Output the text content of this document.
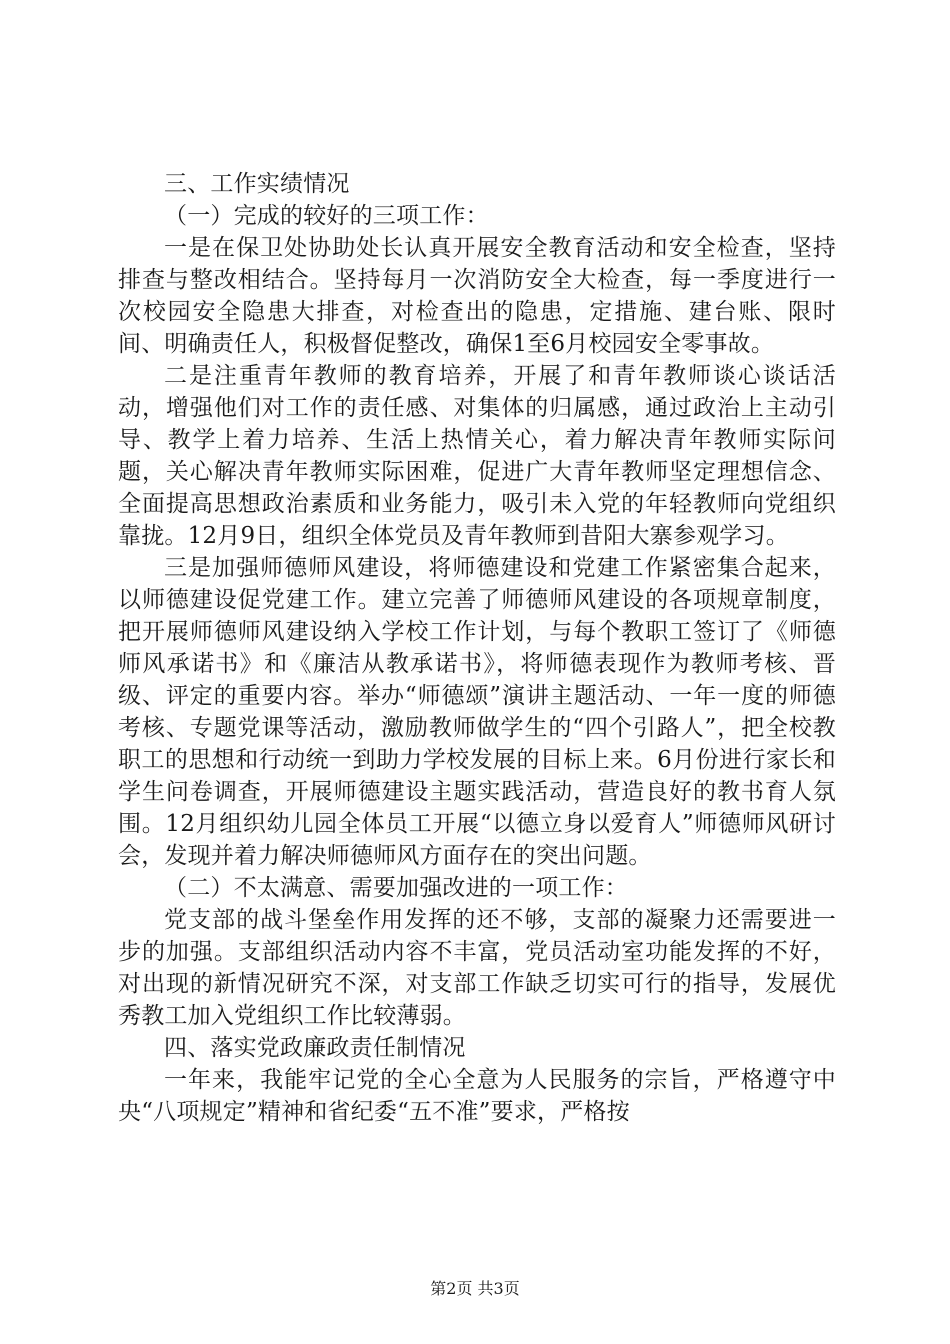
三、工作实绩情况

（一）完成的较好的三项工作：

一是在保卫处协助处长认真开展安全教育活动和安全检查，坚持排查与整改相结合。坚持每月一次消防安全大检查，每一季度进行一次校园安全隐患大排查，对检查出的隐患，定措施、建台账、限时间、明确责任人，积极督促整改，确保1至6月校园安全零事故。

二是注重青年教师的教育培养，开展了和青年教师谈心谈话活动，增强他们对工作的责任感、对集体的归属感，通过政治上主动引导、教学上着力培养、生活上热情关心，着力解决青年教师实际问题，关心解决青年教师实际困难，促进广大青年教师坚定理想信念、全面提高思想政治素质和业务能力，吸引未入党的年轻教师向党组织靠拢。12月9日，组织全体党员及青年教师到昔阳大寨参观学习。

三是加强师德师风建设，将师德建设和党建工作紧密集合起来，以师德建设促党建工作。建立完善了师德师风建设的各项规章制度，把开展师德师风建设纳入学校工作计划，与每个教职工签订了《师德师风承诺书》和《廉洁从教承诺书》，将师德表现作为教师考核、晋级、评定的重要内容。举办“师德颂”演讲主题活动、一年一度的师德考核、专题党课等活动，激励教师做学生的“四个引路人”，把全校教职工的思想和行动统一到助力学校发展的目标上来。6月份进行家长和学生问卷调查，开展师德建设主题实践活动，营造良好的教书育人氛围。12月组织幼儿园全体员工开展“以德立身以爱育人”师德师风研讨会，发现并着力解决师德师风方面存在的突出问题。

（二）不太满意、需要加强改进的一项工作：

党支部的战斗堡垒作用发挥的还不够，支部的凝聚力还需要进一步的加强。支部组织活动内容不丰富，党员活动室功能发挥的不好，对出现的新情况研究不深，对支部工作缺乏切实可行的指导，发展优秀教工加入党组织工作比较薄弱。

四、落实党政廉政责任制情况

一年来，我能牢记党的全心全意为人民服务的宗旨，严格遵守中央“八项规定”精神和省纪委“五不准”要求，严格按

第2页 共3页
